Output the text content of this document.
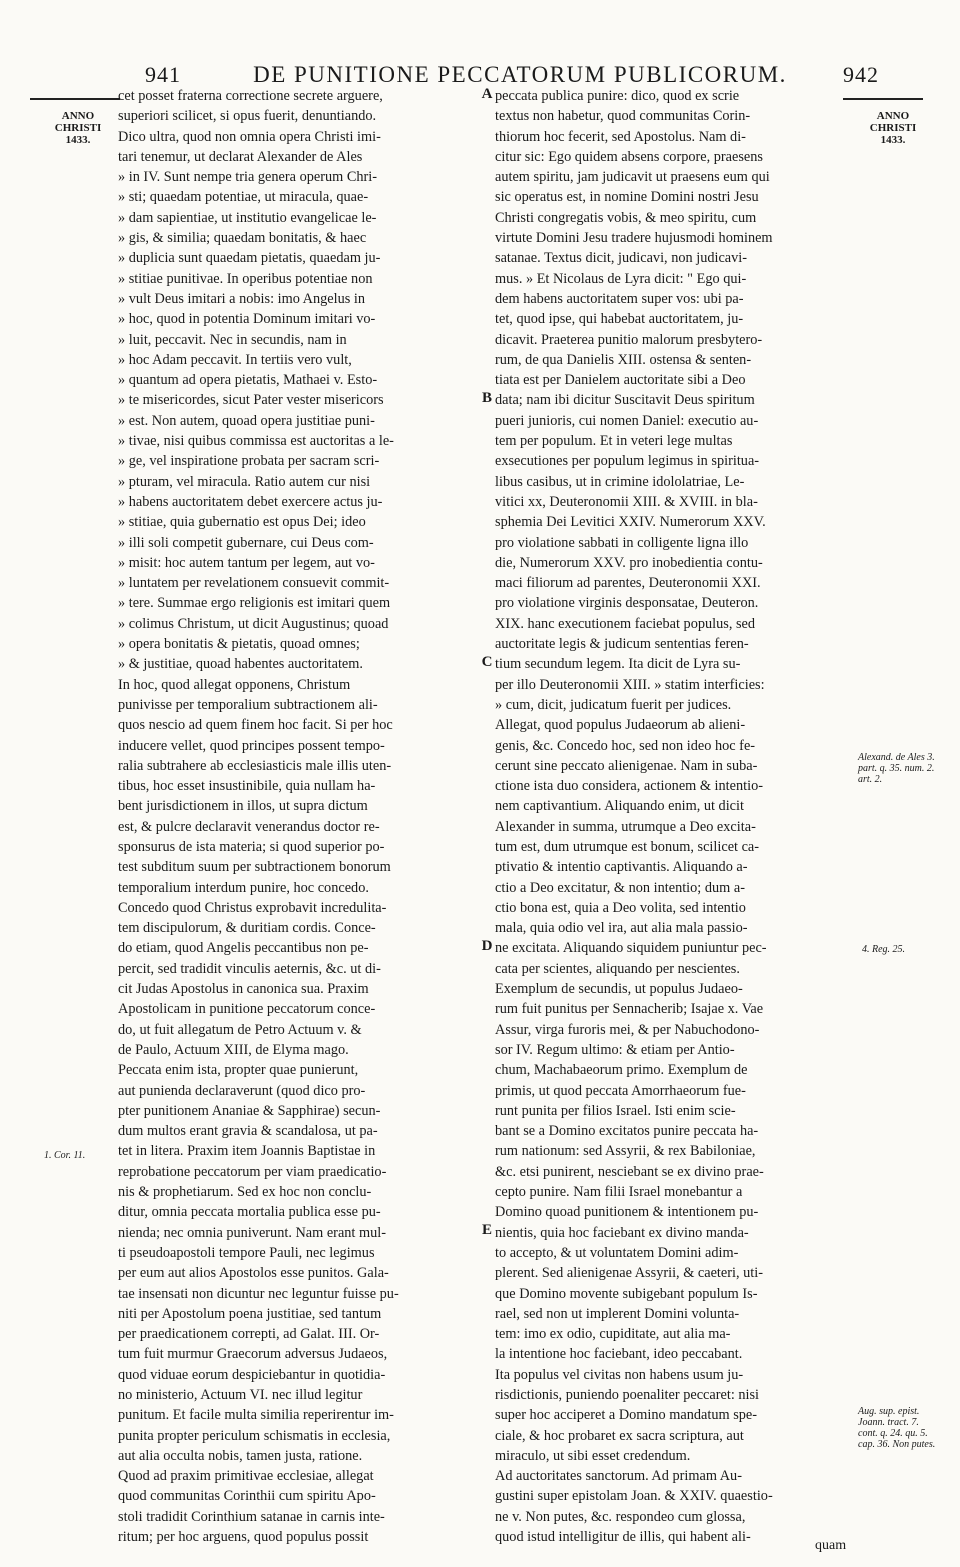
941	DE PUNITIONE PECCATORUM PUBLICORUM.	942
ANNO
CHRISTI
1433.
ANNO
CHRISTI
1433.
cet posset fraterna correctione secrete arguere,
superiori scilicet, si opus fuerit, denuntiando.
Dico ultra, quod non omnia opera Christi imi-
tari tenemur, ut declarat Alexander de Ales
» in IV. Sunt nempe tria genera operum Chri-
» sti; quaedam potentiae, ut miracula, quae-
» dam sapientiae, ut institutio evangelicae le-
» gis, & similia; quaedam bonitatis, & haec
» duplicia sunt quaedam pietatis, quaedam ju-
» stitiae punitivae. In operibus potentiae non
» vult Deus imitari a nobis: imo Angelus in
» hoc, quod in potentia Dominum imitari vo-
» luit, peccavit. Nec in secundis, nam in
» hoc Adam peccavit. In tertiis vero vult,
» quantum ad opera pietatis, Mathaei v. Esto-
» te misericordes, sicut Pater vester misericors
» est. Non autem, quoad opera justitiae puni-
» tivae, nisi quibus commissa est auctoritas a le-
» ge, vel inspiratione probata per sacram scri-
» pturam, vel miracula. Ratio autem cur nisi
» habens auctoritatem debet exercere actus ju-
» stitiae, quia gubernatio est opus Dei; ideo
» illi soli competit gubernare, cui Deus com-
» misit: hoc autem tantum per legem, aut vo-
» luntatem per revelationem consuevit commit-
» tere. Summae ergo religionis est imitari quem
» colimus Christum, ut dicit Augustinus; quoad
» opera bonitatis & pietatis, quoad omnes;
» & justitiae, quoad habentes auctoritatem.
In hoc, quod allegat opponens, Christum
punivisse per temporalium subtractionem ali-
quos nescio ad quem finem hoc facit. Si per hoc
inducere vellet, quod principes possent tempo-
ralia subtrahere ab ecclesiasticis male illis uten-
tibus, hoc esset insustinibile, quia nullam ha-
bent jurisdictionem in illos, ut supra dictum
est, & pulcre declaravit venerandus doctor re-
sponsurus de ista materia; si quod superior po-
test subditum suum per subtractionem bonorum
temporalium interdum punire, hoc concedo.
Concedo quod Christus exprobavit incredulita-
tem discipulorum, & duritiam cordis. Conce-
do etiam, quod Angelis peccantibus non pe-
percit, sed tradidit vinculis aeternis, &c. ut di-
cit Judas Apostolus in canonica sua. Praxim
Apostolicam in punitione peccatorum conce-
do, ut fuit allegatum de Petro Actuum v. &
de Paulo, Actuum XIII, de Elyma mago.
Peccata enim ista, propter quae punierunt,
aut punienda declaraverunt (quod dico pro-
pter punitionem Ananiae & Sapphirae) secun-
dum multos erant gravia & scandalosa, ut pa-
tet in litera. Praxim item Joannis Baptistae in
reprobatione peccatorum per viam praedicatio-
nis & prophetiarum. Sed ex hoc non conclu-
ditur, omnia peccata mortalia publica esse pu-
nienda; nec omnia puniverunt. Nam erant mul-
ti pseudoapostoli tempore Pauli, nec legimus
per eum aut alios Apostolos esse punitos. Gala-
tae insensati non dicuntur nec leguntur fuisse pu-
niti per Apostolum poena justitiae, sed tantum
per praedicationem correpti, ad Galat. III. Or-
tum fuit murmur Graecorum adversus Judaeos,
quod viduae eorum despiciebantur in quotidia-
no ministerio, Actuum VI. nec illud legitur
punitum. Et facile multa similia reperirentur im-
punita propter periculum schismatis in ecclesia,
aut alia occulta nobis, tamen justa, ratione.
Quod ad praxim primitivae ecclesiae, allegat
quod communitas Corinthii cum spiritu Apo-
stoli tradidit Corinthium satanae in carnis inte-
ritum; per hoc arguens, quod populus possit
peccata publica punire: dico, quod ex scrie
textus non habetur, quod communitas Corin-
thiorum hoc fecerit, sed Apostolus. Nam di-
citur sic: Ego quidem absens corpore, praesens
autem spiritu, jam judicavit ut praesens eum qui
sic operatus est, in nomine Domini nostri Jesu
Christi congregatis vobis, & meo spiritu, cum
virtute Domini Jesu tradere hujusmodi hominem
satanae. Textus dicit, judicavi, non judicavi-
mus. » Et Nicolaus de Lyra dicit: " Ego qui-
dem habens auctoritatem super vos: ubi pa-
tet, quod ipse, qui habebat auctoritatem, ju-
dicavit. Praeterea punitio malorum presbytero-
rum, de qua Danielis XIII. ostensa & senten-
tiata est per Danielem auctoritate sibi a Deo
data; nam ibi dicitur Suscitavit Deus spiritum
pueri junioris, cui nomen Daniel: executio au-
tem per populum. Et in veteri lege multas
exsecutiones per populum legimus in spiritua-
libus casibus, ut in crimine idololatriae, Le-
vitici xx, Deuteronomii XIII. & XVIII. in bla-
sphemia Dei Levitici XXIV. Numerorum XXV.
pro violatione sabbati in colligente ligna illo
die, Numerorum XXV. pro inobedientia contu-
maci filiorum ad parentes, Deuteronomii XXI.
pro violatione virginis desponsatae, Deuteron.
XIX. hanc executionem faciebat populus, sed
auctoritate legis & judicum sententias feren-
tium secundum legem. Ita dicit de Lyra su-
per illo Deuteronomii XIII. » statim interficies:
» cum, dicit, judicatum fuerit per judices.
Allegat, quod populus Judaeorum ab alieni-
genis, &c. Concedo hoc, sed non ideo hoc fe-
cerunt sine peccato alienigenae. Nam in suba-
ctione ista duo considera, actionem & intentio-
nem captivantium. Aliquando enim, ut dicit
Alexander in summa, utrumque a Deo excita-
tum est, dum utrumque est bonum, scilicet ca-
ptivatio & intentio captivantis. Aliquando a-
ctio a Deo excitatur, & non intentio; dum a-
ctio bona est, quia a Deo volita, sed intentio
mala, quia odio vel ira, aut alia mala passio-
ne excitata. Aliquando siquidem puniuntur pec-
cata per scientes, aliquando per nescientes.
Exemplum de secundis, ut populus Judaeo-
rum fuit punitus per Sennacherib; Isajae x. Vae
Assur, virga furoris mei, & per Nabuchodono-
sor IV. Regum ultimo: & etiam per Antio-
chum, Machabaeorum primo. Exemplum de
primis, ut quod peccata Amorrhaeorum fue-
runt punita per filios Israel. Isti enim scie-
bant se a Domino excitatos punire peccata ha-
rum nationum: sed Assyrii, & rex Babiloniae,
&c. etsi punirent, nesciebant se ex divino prae-
cepto punire. Nam filii Israel monebantur a
Domino quoad punitionem & intentionem pu-
nientis, quia hoc faciebant ex divino manda-
to accepto, & ut voluntatem Domini adim-
plerent. Sed alienigenae Assyrii, & caeteri, uti-
que Domino movente subigebant populum Is-
rael, sed non ut implerent Domini volunta-
tem: imo ex odio, cupiditate, aut alia ma-
la intentione hoc faciebant, ideo peccabant.
Ita populus vel civitas non habens usum ju-
risdictionis, puniendo poenaliter peccaret: nisi
super hoc acciperet a Domino mandatum spe-
ciale, & hoc probaret ex sacra scriptura, aut
miraculo, ut sibi esset credendum.
Ad auctoritates sanctorum. Ad primam Au-
gustini super epistolam Joan. & XXIV. quaestio-
ne v. Non putes, &c. respondeo cum glossa,
quod istud intelligitur de illis, qui habent ali-
A
B
C
D
E
Alexand. de Ales 3. part. q. 35. num. 2. art. 2.
4. Reg. 25.
1. Cor. 11.
Aug. sup. epist. Joann. tract. 7. cont. q. 24. qu. 5. cap. 36. Non putes.
quam
